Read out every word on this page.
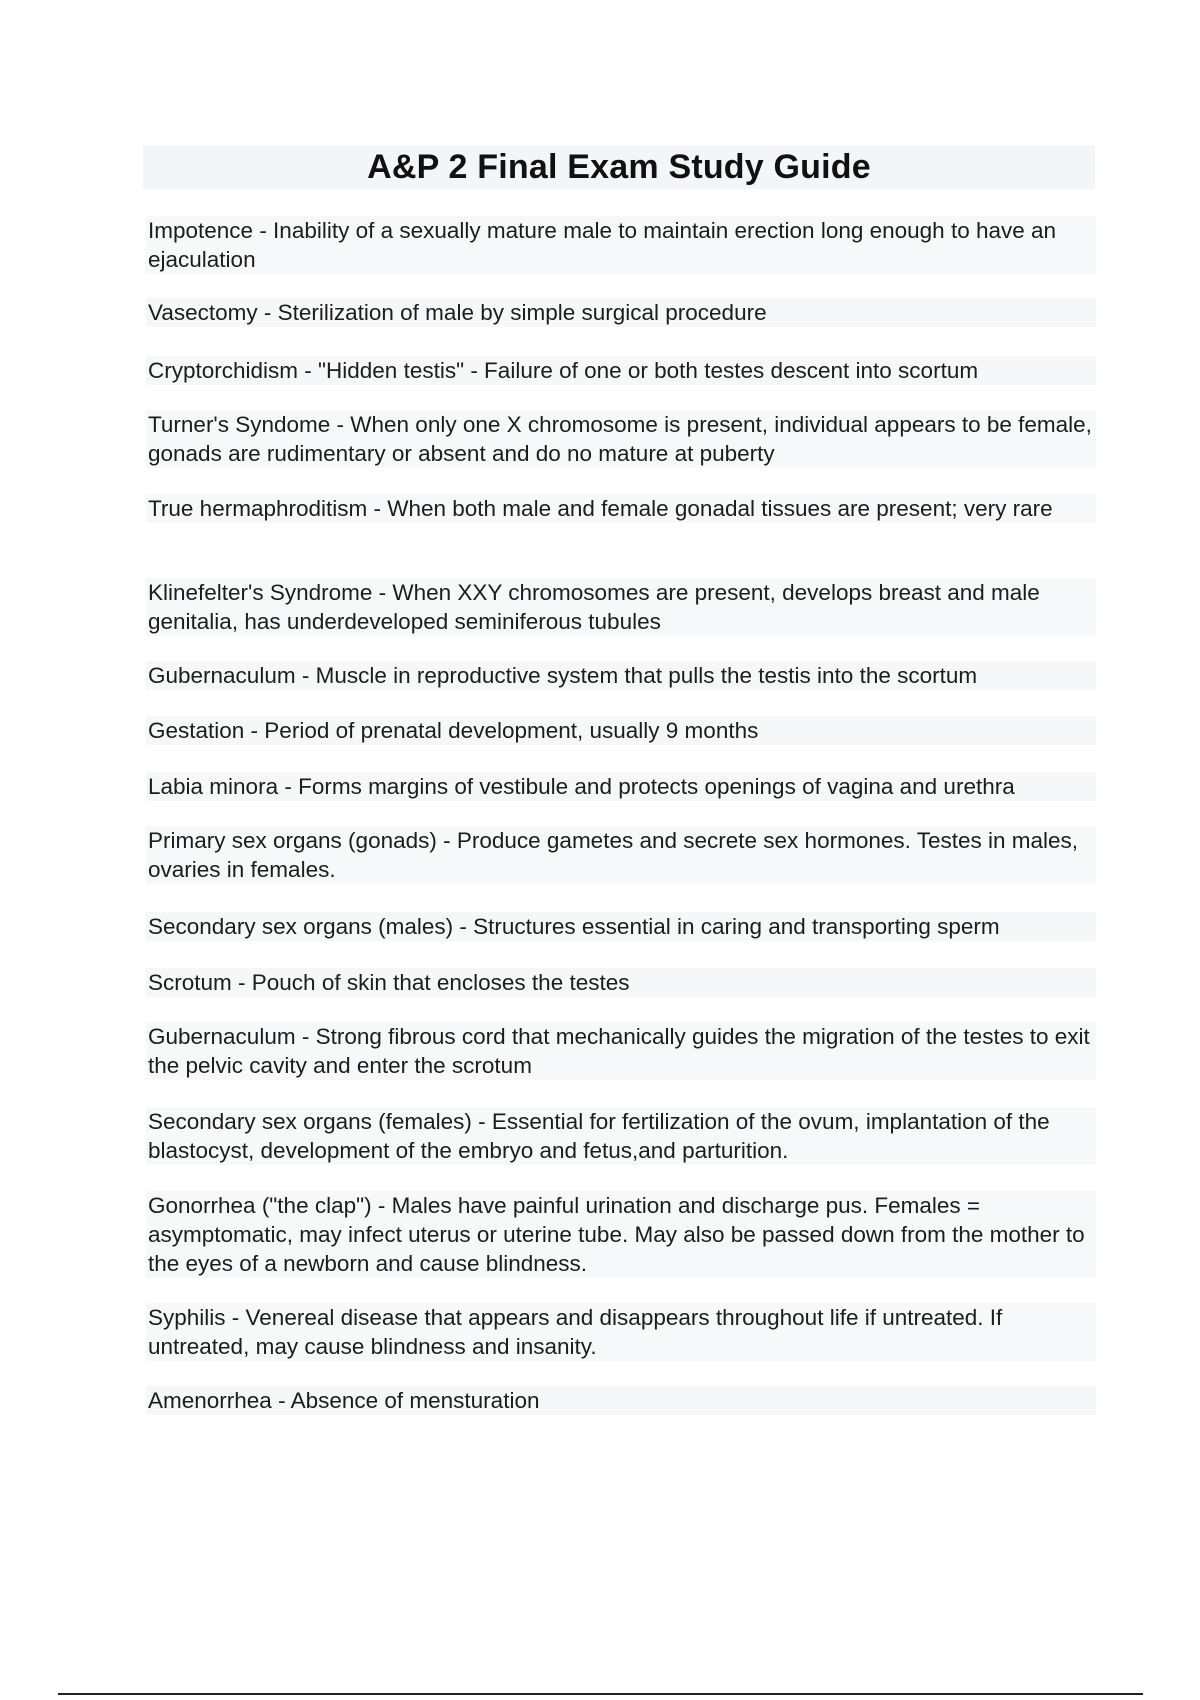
A&P 2 Final Exam Study Guide

Impotence - Inability of a sexually mature male to maintain erection long enough to have an ejaculation

Vasectomy - Sterilization of male by simple surgical procedure

Cryptorchidism - "Hidden testis" - Failure of one or both testes descent into scortum

Turner's Syndome - When only one X chromosome is present, individual appears to be female, gonads are rudimentary or absent and do no mature at puberty

True hermaphroditism - When both male and female gonadal tissues are present; very rare

Klinefelter's Syndrome - When XXY chromosomes are present, develops breast and male genitalia, has underdeveloped seminiferous tubules

Gubernaculum - Muscle in reproductive system that pulls the testis into the scortum

Gestation - Period of prenatal development, usually 9 months

Labia minora - Forms margins of vestibule and protects openings of vagina and urethra

Primary sex organs (gonads) - Produce gametes and secrete sex hormones. Testes in males, ovaries in females.

Secondary sex organs (males) - Structures essential in caring and transporting sperm

Scrotum - Pouch of skin that encloses the testes

Gubernaculum - Strong fibrous cord that mechanically guides the migration of the testes to exit the pelvic cavity and enter the scrotum

Secondary sex organs (females) - Essential for fertilization of the ovum, implantation of the blastocyst, development of the embryo and fetus,and parturition.

Gonorrhea ("the clap") - Males have painful urination and discharge pus. Females = asymptomatic, may infect uterus or uterine tube. May also be passed down from the mother to the eyes of a newborn and cause blindness.

Syphilis - Venereal disease that appears and disappears throughout life if untreated. If untreated, may cause blindness and insanity.

Amenorrhea - Absence of mensturation
